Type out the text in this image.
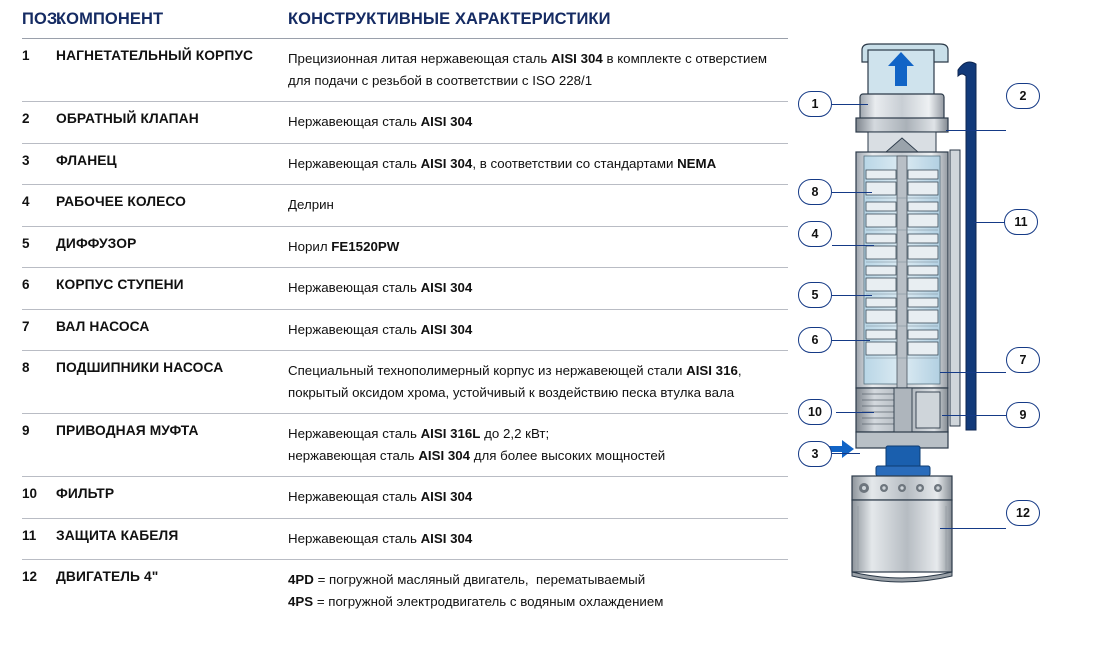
ПОЗ.	КОМПОНЕНТ	КОНСТРУКТИВНЫЕ ХАРАКТЕРИСТИКИ
1	НАГНЕТАТЕЛЬНЫЙ КОРПУС	Прецизионная литая нержавеющая сталь AISI 304 в комплекте с отверстием для подачи с резьбой в соответствии с ISO 228/1
2	ОБРАТНЫЙ КЛАПАН	Нержавеющая сталь AISI 304
3	ФЛАНЕЦ	Нержавеющая сталь AISI 304, в соответствии со стандартами NEMA
4	РАБОЧЕЕ КОЛЕСО	Делрин
5	ДИФФУЗОР	Норил FE1520PW
6	КОРПУС СТУПЕНИ	Нержавеющая сталь AISI 304
7	ВАЛ НАСОСА	Нержавеющая сталь AISI 304
8	ПОДШИПНИКИ НАСОСА	Специальный технополимерный корпус из нержавеющей стали AISI 316, покрытый оксидом хрома, устойчивый к воздействию песка втулка вала
9	ПРИВОДНАЯ МУФТА	Нержавеющая сталь AISI 316L до 2,2 кВт;
нержавеющая сталь AISI 304 для более высоких мощностей
10	ФИЛЬТР	Нержавеющая сталь AISI 304
11	ЗАЩИТА КАБЕЛЯ	Нержавеющая сталь AISI 304
12	ДВИГАТЕЛЬ 4"	4PD = погружной масляный двигатель,  перематываемый
4PS = погружной электродвигатель с водяным охлаждением
1
2
8
4
11
5
6
7
10	9
3
12
